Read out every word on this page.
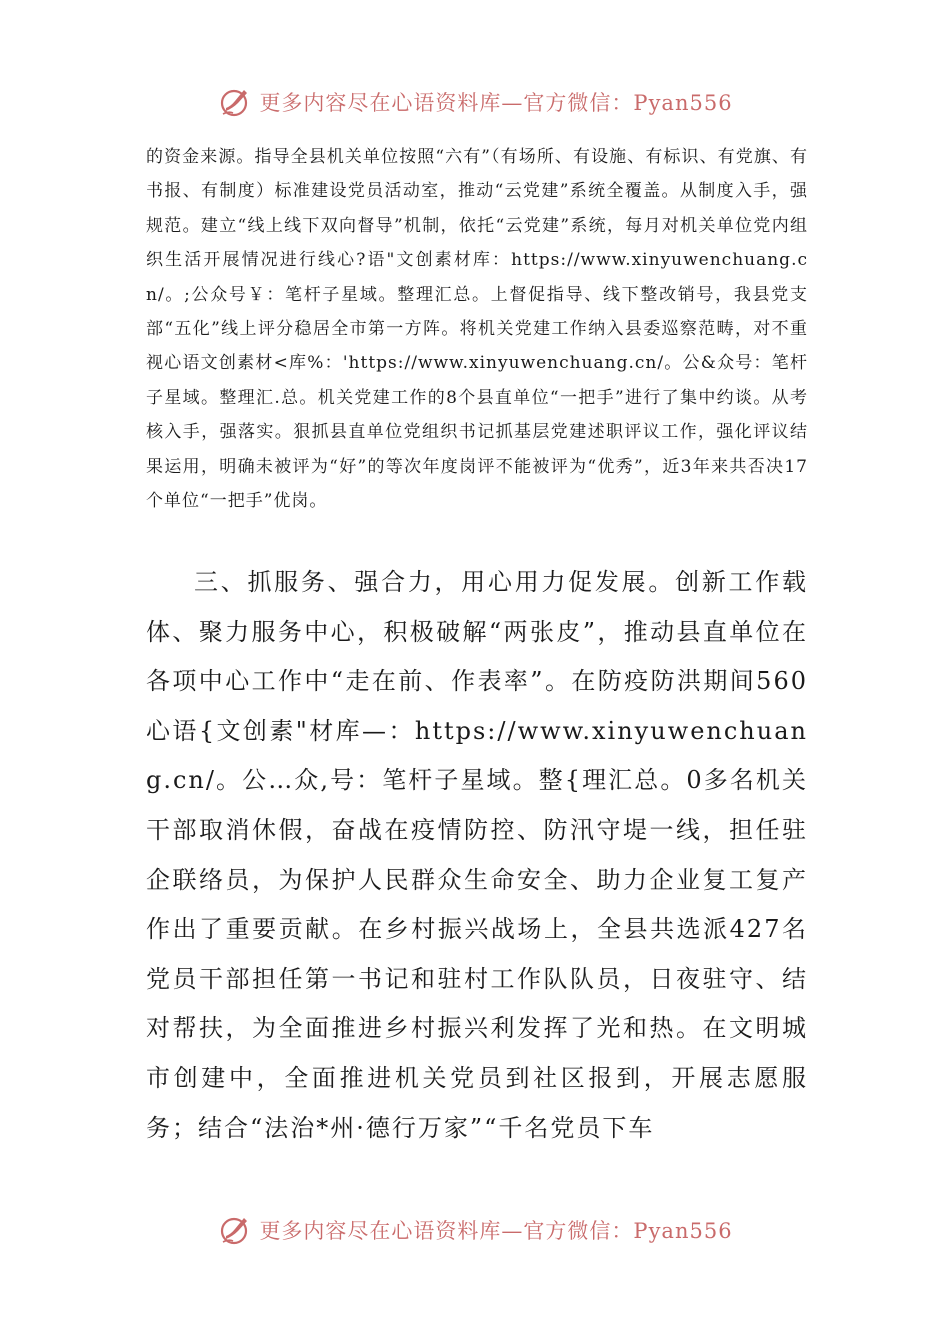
更多内容尽在心语资料库—官方微信：Pyan556

的资金来源。指导全县机关单位按照“六有”（有场所、有设施、有标识、有党旗、有书报、有制度）标准建设党员活动室，推动“云党建”系统全覆盖。从制度入手，强规范。建立“线上线下双向督导”机制，依托“云党建”系统，每月对机关单位党内组织生活开展情况进行线心?语"文创素材库：https://www.xinyuwenchuang.cn/。;公众号￥：笔杆子星域。整理汇总。上督促指导、线下整改销号，我县党支部“五化”线上评分稳居全市第一方阵。将机关党建工作纳入县委巡察范畴，对不重视心语文创素材<库%：'https://www.xinyuwenchuang.cn/。公&众号：笔杆子星域。整理汇.总。机关党建工作的8个县直单位“一把手”进行了集中约谈。从考核入手，强落实。狠抓县直单位党组织书记抓基层党建述职评议工作，强化评议结果运用，明确未被评为“好”的等次年度岗评不能被评为“优秀”，近3年来共否决17个单位“一把手”优岗。

三、抓服务、强合力，用心用力促发展。创新工作载体、聚力服务中心，积极破解“两张皮”，推动县直单位在各项中心工作中“走在前、作表率”。在防疫防洪期间560心语{文创素"材库—：https://www.xinyuwenchuang.cn/。公…众,号：笔杆子星域。整{理汇总。0多名机关干部取消休假，奋战在疫情防控、防汛守堤一线，担任驻企联络员，为保护人民群众生命安全、助力企业复工复产作出了重要贡献。在乡村振兴战场上，全县共选派427名党员干部担任第一书记和驻村工作队队员，日夜驻守、结对帮扶，为全面推进乡村振兴利发挥了光和热。在文明城市创建中，全面推进机关党员到社区报到，开展志愿服务；结合“法治*州·德行万家”“千名党员下车

更多内容尽在心语资料库—官方微信：Pyan556
